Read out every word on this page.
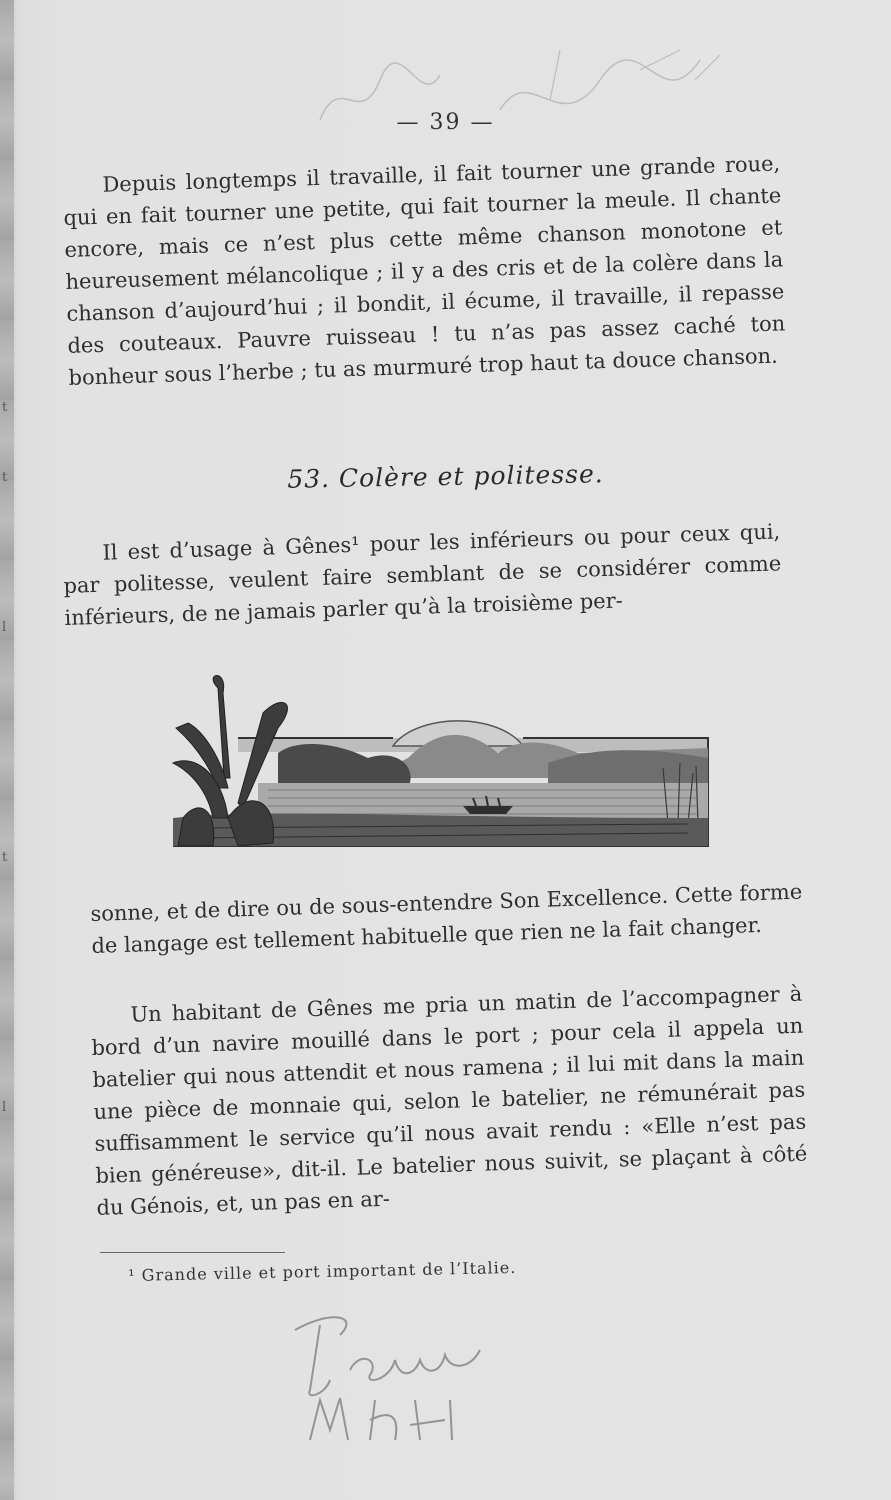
t
t
l
t
l
— 39 —
Depuis longtemps il travaille, il fait tourner une grande roue, qui en fait tourner une petite, qui fait tourner la meule. Il chante encore, mais ce n’est plus cette même chanson monotone et heureusement mélancolique ; il y a des cris et de la colère dans la chanson d’aujourd’hui ; il bondit, il écume, il travaille, il repasse des couteaux. Pauvre ruisseau ! tu n’as pas assez caché ton bonheur sous l’herbe ; tu as murmuré trop haut ta douce chanson.
53. Colère et politesse.
Il est d’usage à Gênes¹ pour les inférieurs ou pour ceux qui, par politesse, veulent faire semblant de se considérer comme inférieurs, de ne jamais parler qu’à la troisième per-
sonne, et de dire ou de sous-entendre Son Excellence. Cette forme de langage est tellement habituelle que rien ne la fait changer.
Un habitant de Gênes me pria un matin de l’accompagner à bord d’un navire mouillé dans le port ; pour cela il appela un batelier qui nous attendit et nous ramena ; il lui mit dans la main une pièce de monnaie qui, selon le batelier, ne rémunérait pas suffisamment le service qu’il nous avait rendu : «Elle n’est pas bien généreuse», dit-il. Le batelier nous suivit, se plaçant à côté du Génois, et, un pas en ar-
¹ Grande ville et port important de l’Italie.
